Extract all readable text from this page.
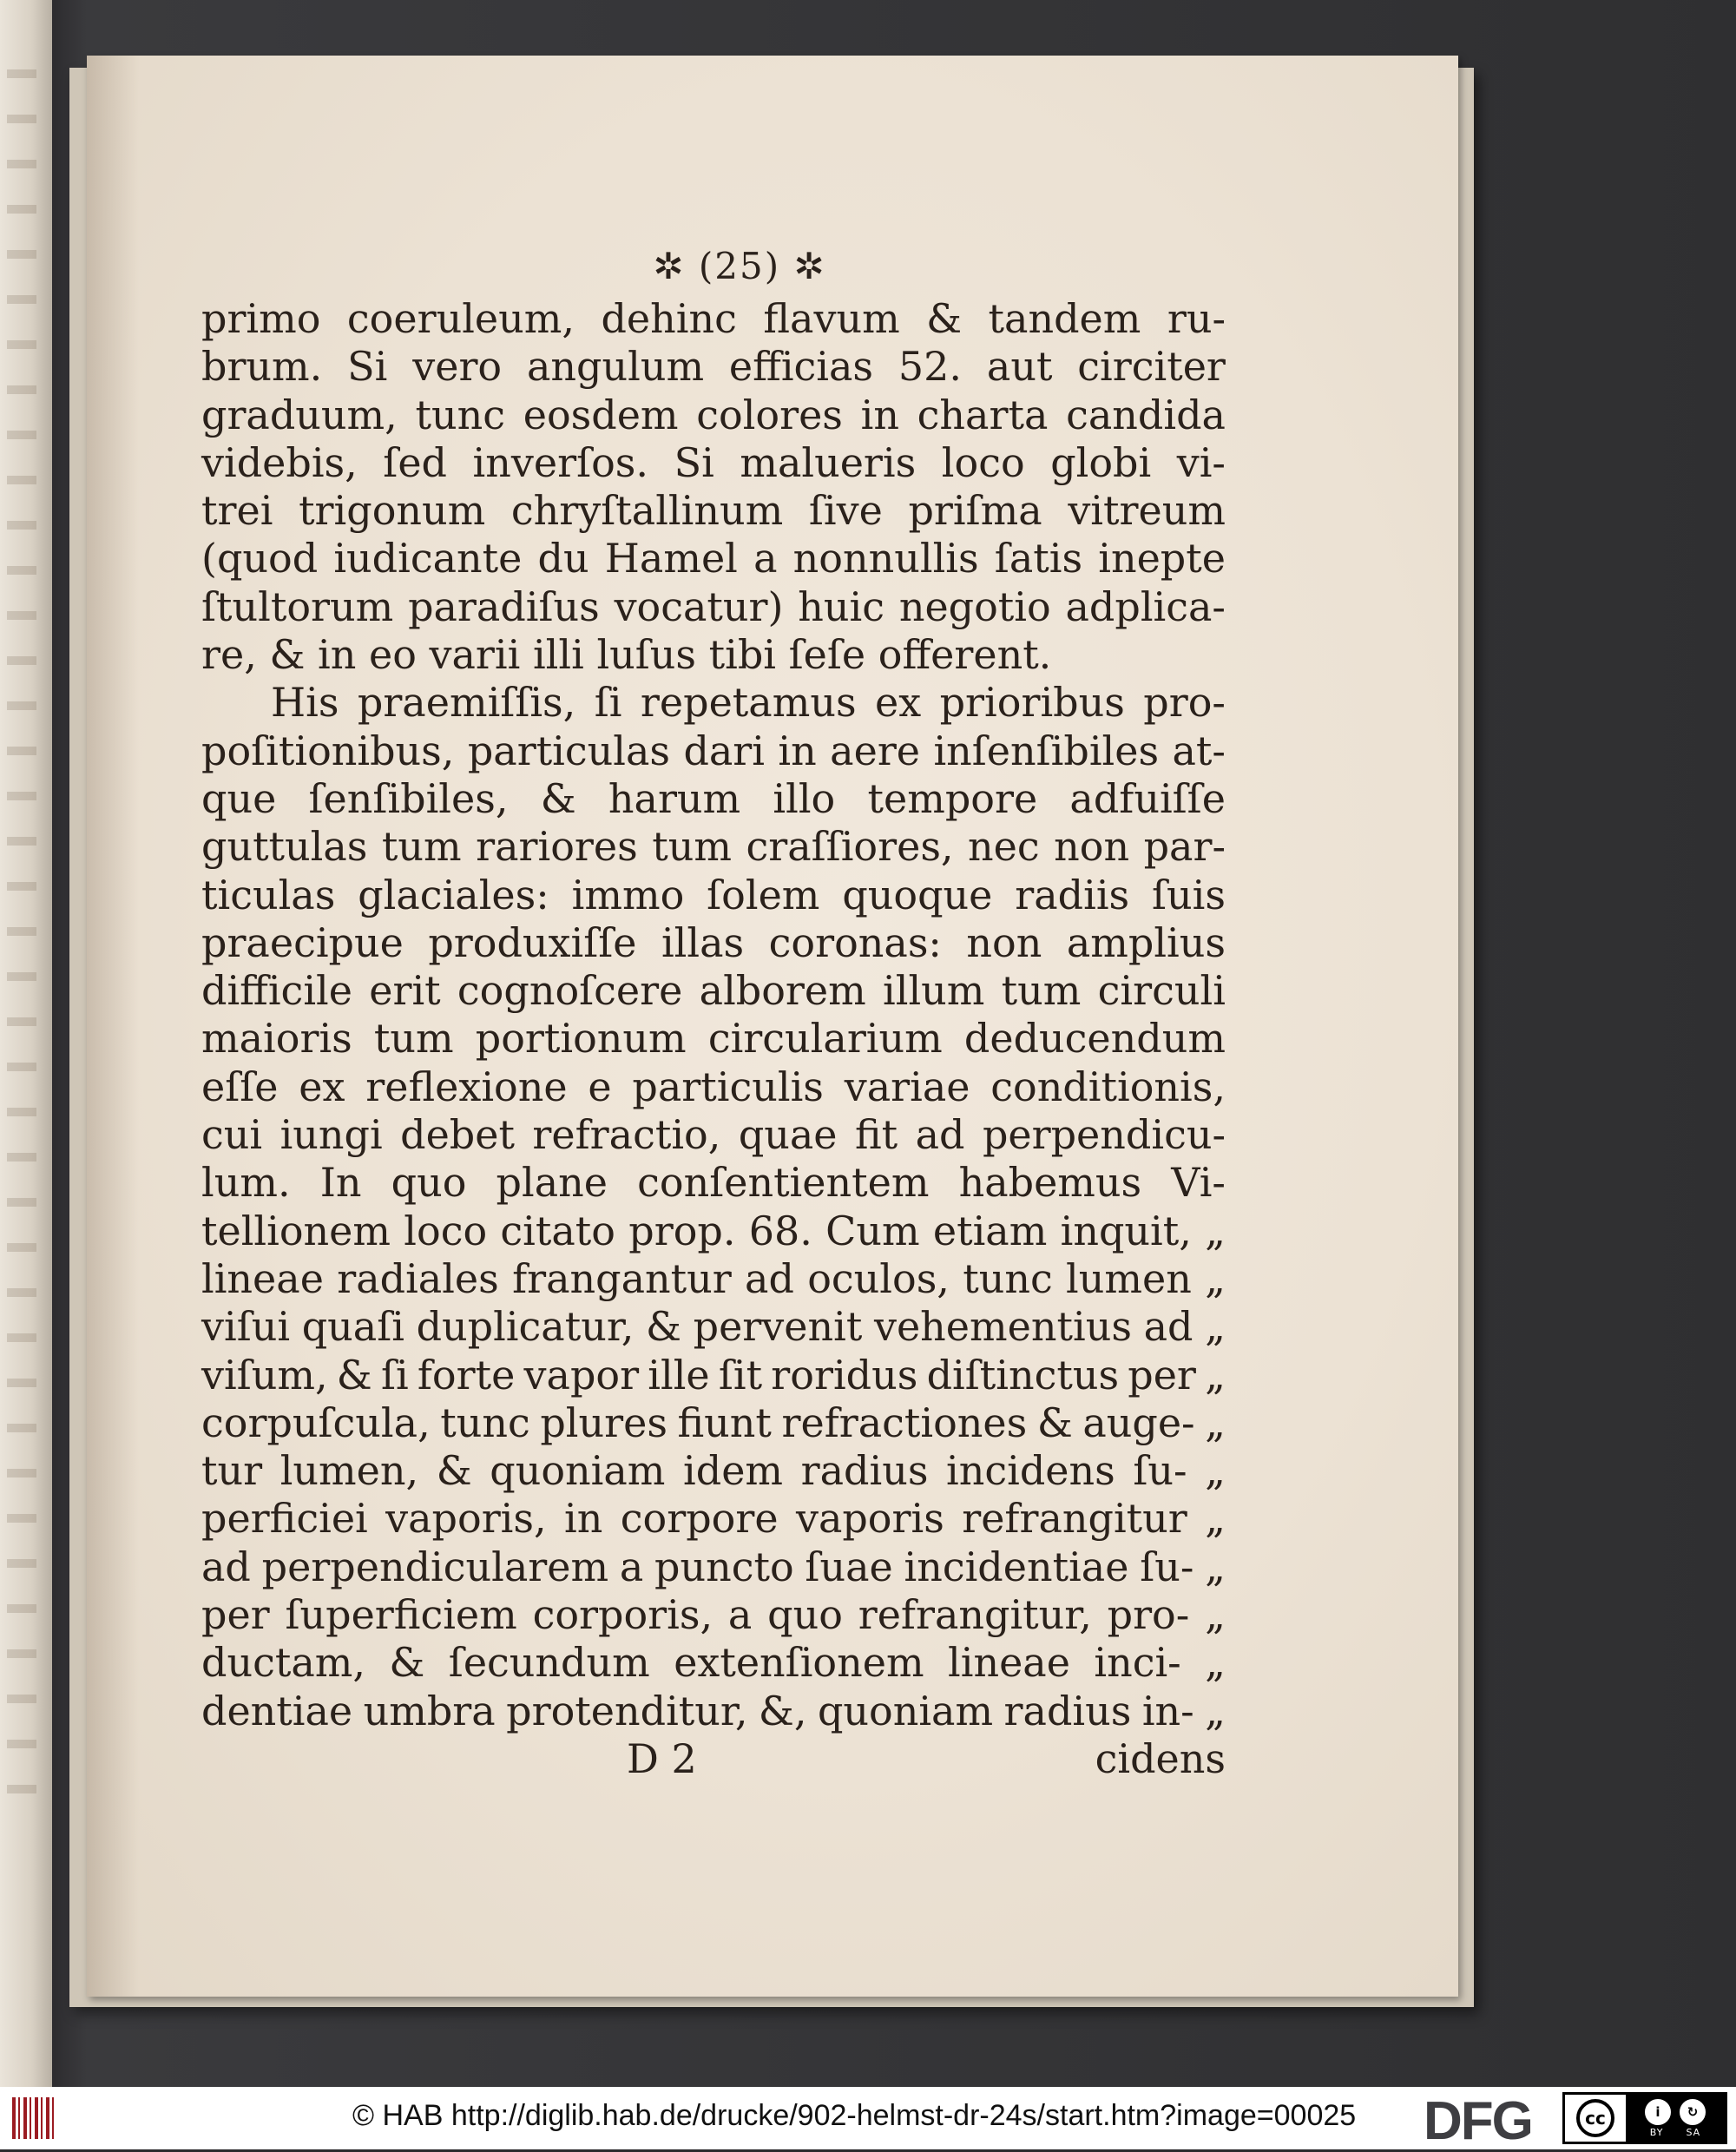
✲ (25) ✲
primo coeruleum, dehinc flavum & tandem ru-
brum. Si vero angulum efficias 52. aut circiter
graduum, tunc eosdem colores in charta candida
videbis, ſed inverſos. Si malueris loco globi vi-
trei trigonum chryſtallinum ſive priſma vitreum
(quod iudicante du Hamel a nonnullis ſatis inepte
ſtultorum paradiſus vocatur) huic negotio adplica-
re, & in eo varii illi luſus tibi ſeſe offerent.
His praemiſſis, ſi repetamus ex prioribus pro-
poſitionibus, particulas dari in aere inſenſibiles at-
que ſenſibiles, & harum illo tempore adfuiſſe
guttulas tum rariores tum craſſiores, nec non par-
ticulas glaciales: immo ſolem quoque radiis ſuis
praecipue produxiſſe illas coronas: non amplius
difficile erit cognoſcere alborem illum tum circuli
maioris tum portionum circularium deducendum
eſſe ex reflexione e particulis variae conditionis,
cui iungi debet refractio, quae fit ad perpendicu-
lum. In quo plane conſentientem habemus Vi-
tellionem loco citato prop. 68. Cum etiam inquit, „
lineae radiales frangantur ad oculos, tunc lumen „
viſui quaſi duplicatur, & pervenit vehementius ad „
viſum, & ſi forte vapor ille ſit roridus diſtinctus per „
corpuſcula, tunc plures fiunt refractiones & auge- „
tur lumen, & quoniam idem radius incidens ſu- „
perficiei vaporis, in corpore vaporis refrangitur „
ad perpendicularem a puncto ſuae incidentiae ſu- „
per ſuperficiem corporis, a quo refrangitur, pro- „
ductam, & ſecundum extenſionem lineae inci- „
dentiae umbra protenditur, &, quoniam radius in- „
D 2	cidens
© HAB http://diglib.hab.de/drucke/902-helmst-dr-24s/start.htm?image=00025 DFG	cc	i	↻
BY SA
